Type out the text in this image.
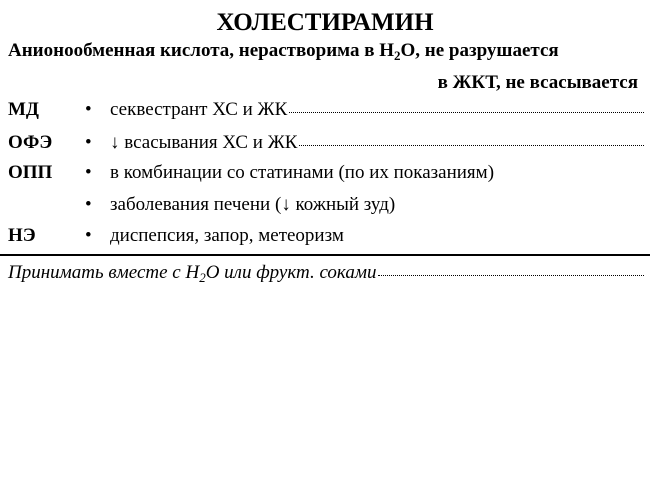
ХОЛЕСТИРАМИН
Анионообменная кислота, нерастворима в $Н_2О$, не разрушается
в ЖКТ, не всасывается
МД • секвестрант ХС и ЖК
ОФЭ • ↓ всасывания ХС и ЖК
ОПП • в комбинации со статинами (по их показаниям)
• заболевания печени (↓ кожный зуд)
НЭ	• диспепсия, запор, метеоризм
Принимать вместе с $Н_2О$ или фрукт. соками
